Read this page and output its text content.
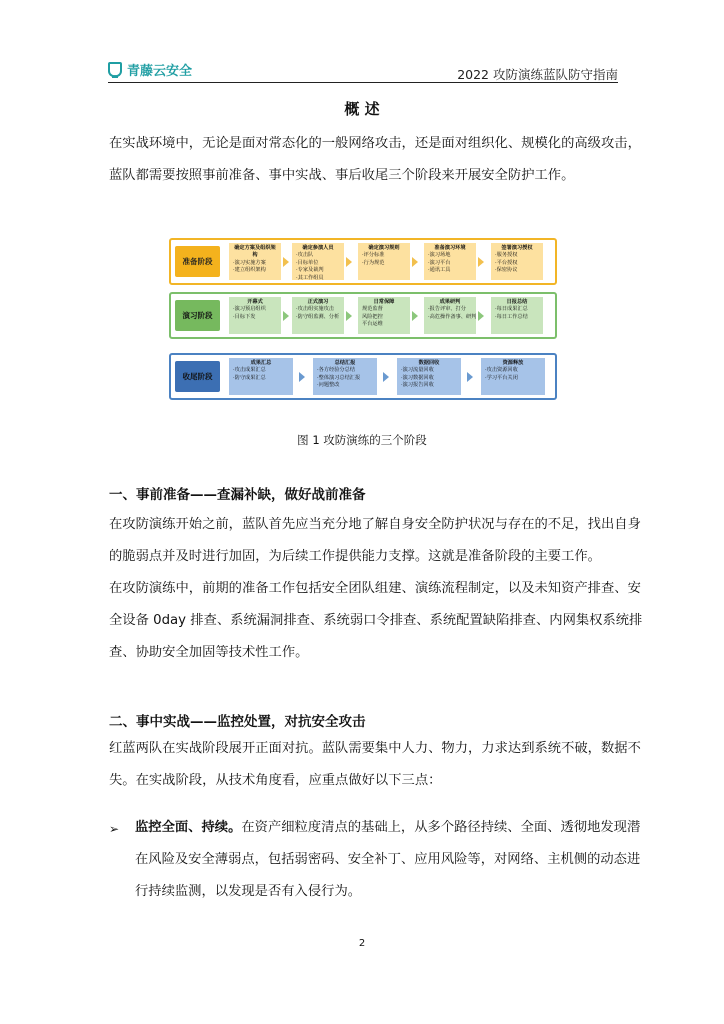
青藤云安全	2022 攻防演练蓝队防守指南
概 述
在实战环境中，无论是面对常态化的一般网络攻击，还是面对组织化、规模化的高级攻击，
蓝队都需要按照事前准备、事中实战、事后收尾三个阶段来开展安全防护工作。
准备阶段
确定方案及组织架构
·演习实施方案
·建立组织架构
确定参演人员
·攻击队
·目标单位
·专家及裁判
·其工作组员
确定演习规则
·评分标准
·行为规范
准备演习环境
·演习场地
·演习平台
·通讯工具
签署演习授权
·服务授权
·平台授权
·保密协议
演习阶段
开幕式
·演习预启组织
·目标下发
正式演习
·攻击组实施攻击
·防守组监测、分析
日常保障
规范监督
风险把控
平台运维
成果研判
·报告评审、打分
·高危操作备事、研判
日报总结
·每日成果汇总
·每日工作总结
收尾阶段
成果汇总
·攻击成果汇总
·防守成果汇总
总结汇报
·各方经验分总结
·整体演习总结汇报
·问题整改
数据回收
·演习流量回收
·演习数据回收
·演习报告回收
资源释放
·攻击资源回收
·学习平台关闭
图 1 攻防演练的三个阶段
一、事前准备——查漏补缺，做好战前准备
在攻防演练开始之前，蓝队首先应当充分地了解自身安全防护状况与存在的不足，找出自身
的脆弱点并及时进行加固，为后续工作提供能力支撑。这就是准备阶段的主要工作。
在攻防演练中，前期的准备工作包括安全团队组建、演练流程制定，以及未知资产排查、安
全设备 0day 排查、系统漏洞排查、系统弱口令排查、系统配置缺陷排查、内网集权系统排
查、协助安全加固等技术性工作。
二、事中实战——监控处置，对抗安全攻击
红蓝两队在实战阶段展开正面对抗。蓝队需要集中人力、物力，力求达到系统不破，数据不
失。在实战阶段，从技术角度看，应重点做好以下三点：
➢ 监控全面、持续。在资产细粒度清点的基础上，从多个路径持续、全面、透彻地发现潜
在风险及安全薄弱点，包括弱密码、安全补丁、应用风险等，对网络、主机侧的动态进
行持续监测，以发现是否有入侵行为。
2
